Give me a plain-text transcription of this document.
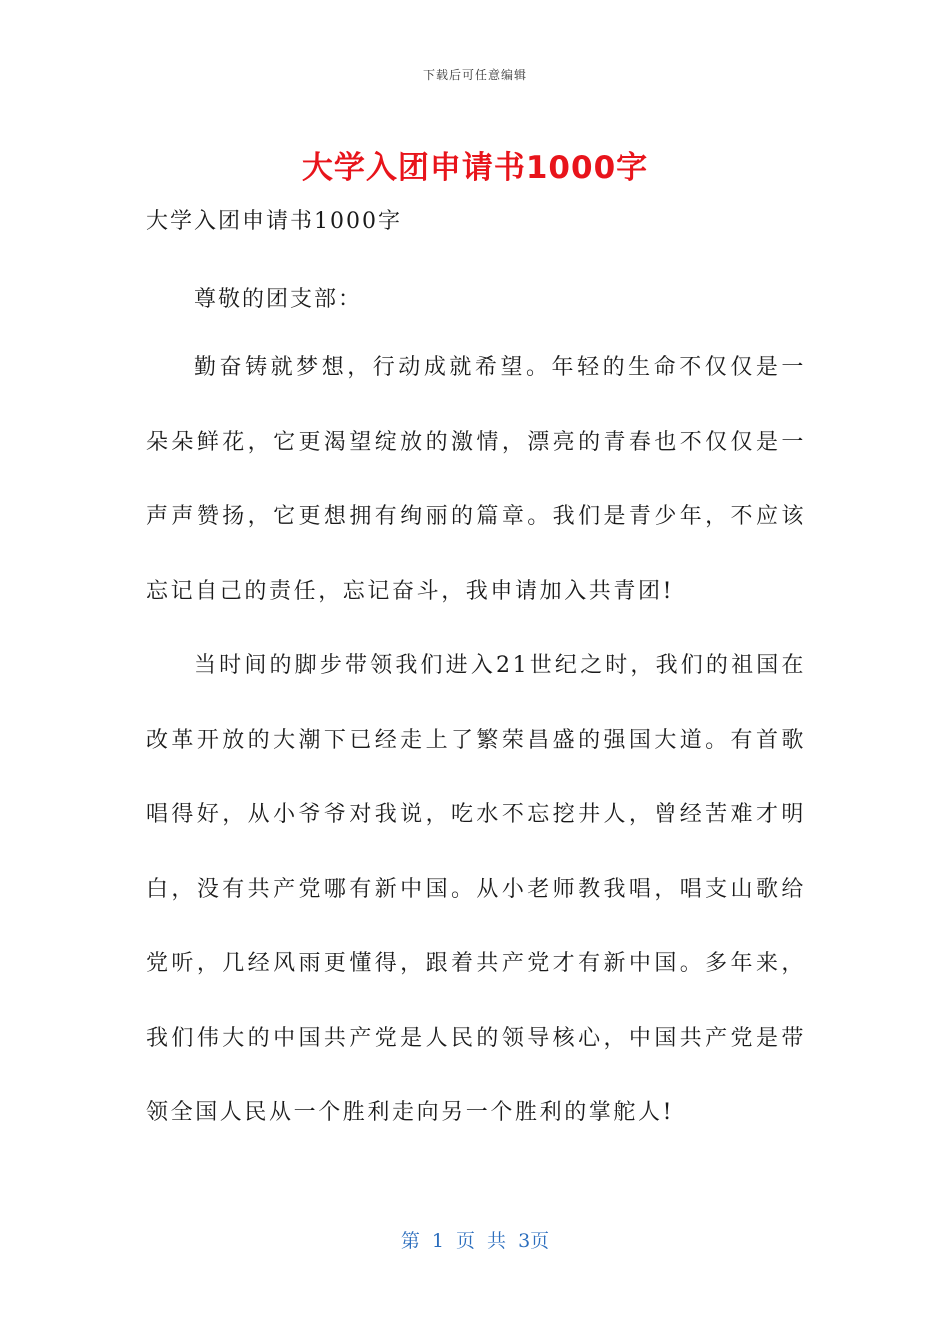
下载后可任意编辑
大学入团申请书1000字
大学入团申请书1000字
尊敬的团支部：

勤奋铸就梦想，行动成就希望。年轻的生命不仅仅是一朵朵鲜花，它更渴望绽放的激情，漂亮的青春也不仅仅是一声声赞扬，它更想拥有绚丽的篇章。我们是青少年，不应该忘记自己的责任，忘记奋斗，我申请加入共青团!

当时间的脚步带领我们进入21世纪之时，我们的祖国在改革开放的大潮下已经走上了繁荣昌盛的强国大道。有首歌唱得好，从小爷爷对我说，吃水不忘挖井人，曾经苦难才明白，没有共产党哪有新中国。从小老师教我唱，唱支山歌给党听，几经风雨更懂得，跟着共产党才有新中国。多年来，我们伟大的中国共产党是人民的领导核心，中国共产党是带领全国人民从一个胜利走向另一个胜利的掌舵人!

第 1 页 共 3页
